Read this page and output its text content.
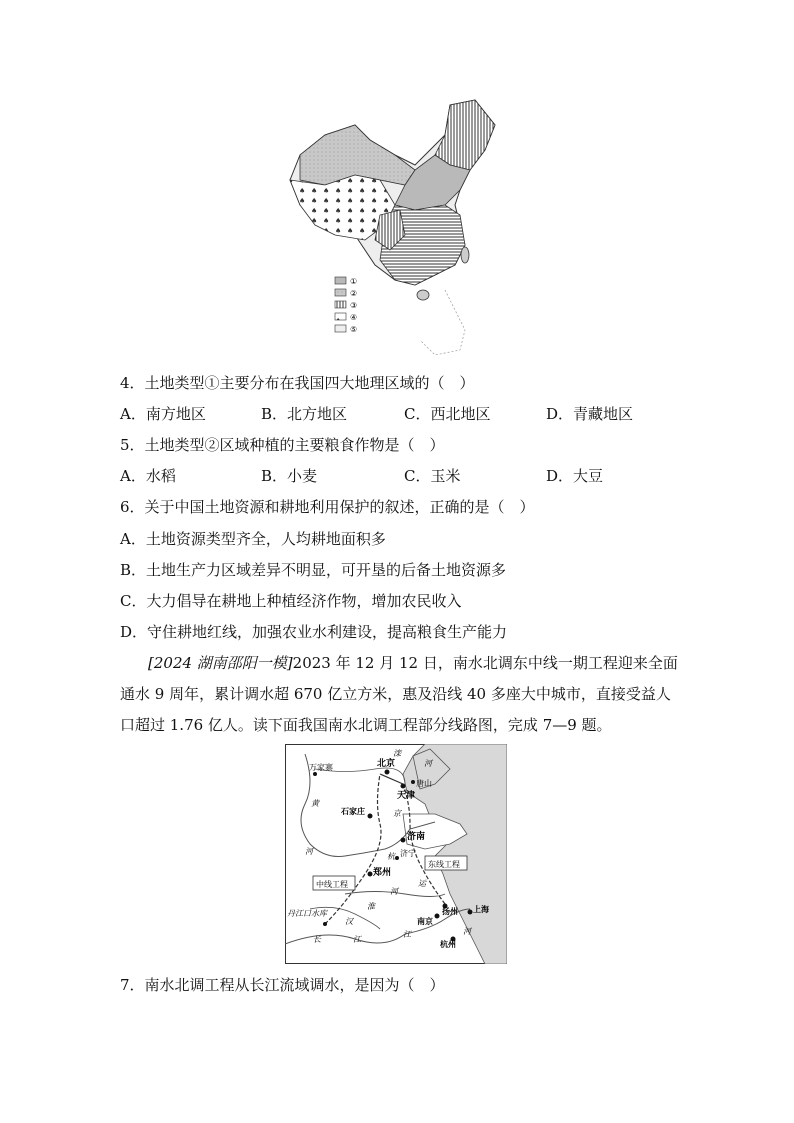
①
②
③
④
⑤
4．土地类型①主要分布在我国四大地理区域的（　）
A．南方地区	B．北方地区	C．西北地区	D．青藏地区
5．土地类型②区域种植的主要粮食作物是（　）
A．水稻	B．小麦	C．玉米	D．大豆
6．关于中国土地资源和耕地利用保护的叙述，正确的是（　）
A．土地资源类型齐全，人均耕地面积多
B．土地生产力区域差异不明显，可开垦的后备土地资源多
C．大力倡导在耕地上种植经济作物，增加农民收入
D．守住耕地红线，加强农业水利建设，提高粮食生产能力
[2024 湖南邵阳一模]2023 年 12 月 12 日，南水北调东中线一期工程迎来全面通水 9 周年，累计调水超 670 亿立方米，惠及沿线 40 多座大中城市，直接受益人口超过 1.76 亿人。读下面我国南水北调工程部分线路图，完成 7—9 题。
北京
天津
唐山
万家寨
石家庄
济南
济宁
郑州
扬州
南京
上海
杭州
丹江口水库
中线工程
东线工程
滦
河
黄
河
京
杭
运
淮
汉
长	江
江
河
河
7．南水北调工程从长江流域调水，是因为（　）
